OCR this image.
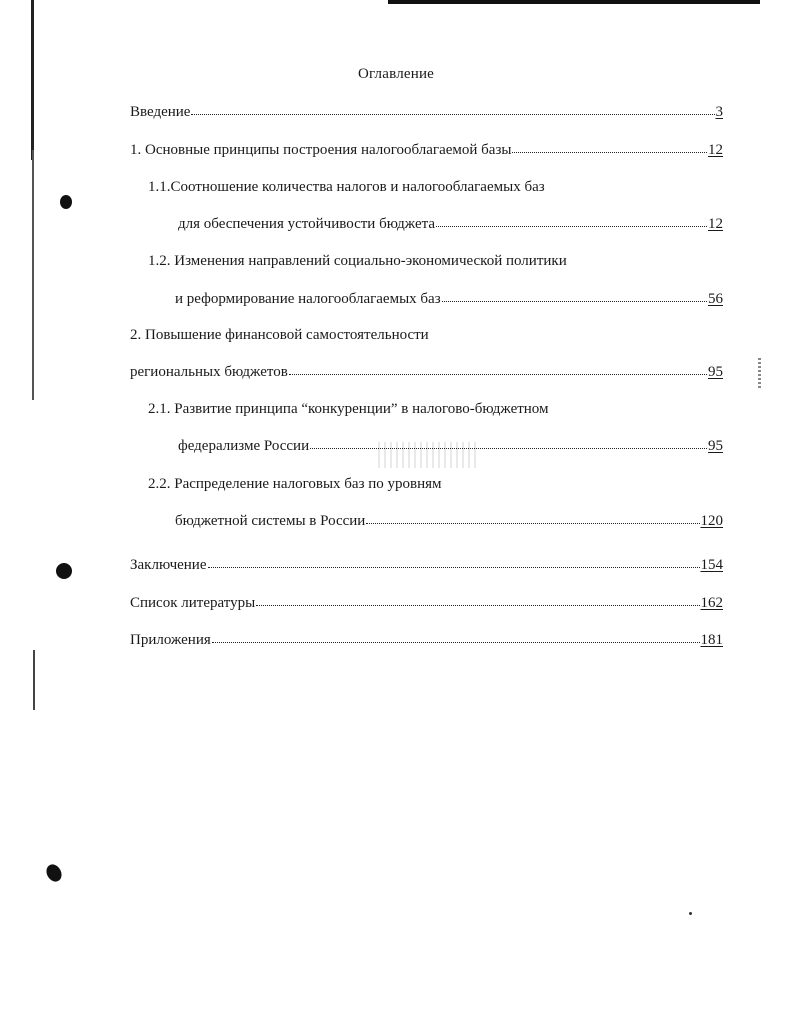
Оглавление
Введение	3
1. Основные принципы построения налогооблагаемой базы	12
1.1.Соотношение количества налогов и налогооблагаемых баз
для обеспечения устойчивости бюджета	12
1.2. Изменения направлений социально-экономической политики
и реформирование налогооблагаемых баз	56
2. Повышение финансовой самостоятельности
региональных бюджетов	95
2.1. Развитие принципа “конкуренции” в налогово-бюджетном
федерализме России	95
2.2. Распределение налоговых баз по уровням
бюджетной системы в России	120
Заключение	154
Список литературы	162
Приложения	181
